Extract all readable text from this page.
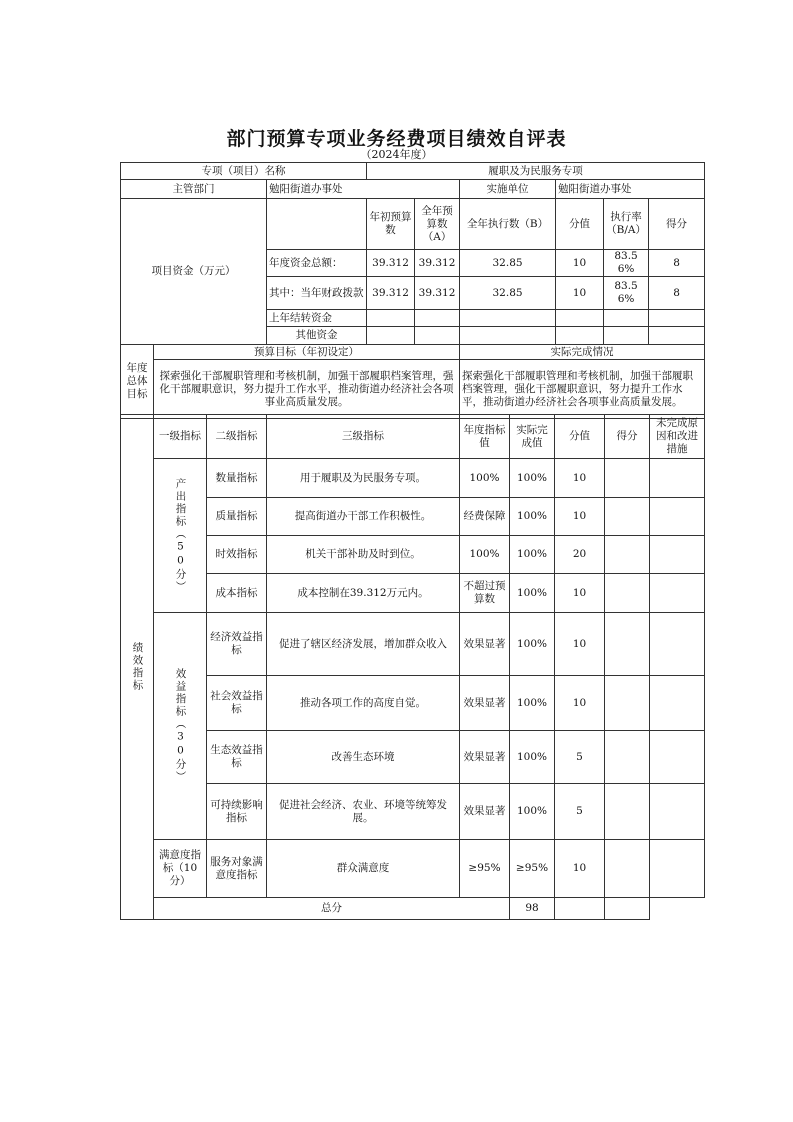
部门预算专项业务经费项目绩效自评表
（2024年度）
专项（项目）名称			履职及为民服务专项					
主管部门		勉阳街道办事处			实施单位	勉阳街道办事处		
项目资金（万元）			年初预算数	全年预算数（A）	全年执行数（B）	分值	执行率（B/A）	得分
		年度资金总额：	39.312	39.312	32.85	10	83.56%	8
		其中：当年财政拨款	39.312	39.312	32.85	10	83.56%	8
		上年结转资金						
		其他资金						
年度总体目标	预算目标（年初设定）				实际完成情况			
	探索强化干部履职管理和考核机制，加强干部履职档案管理，强化干部履职意识，努力提升工作水平，推动街道办经济社会各项事业高质量发展。				探索强化干部履职管理和考核机制，加强干部履职档案管理，强化干部履职意识，努力提升工作水平，推动街道办经济社会各项事业高质量发展。			
绩效指标	一级指标	二级指标	三级指标	年度指标值	实际完成值	分值	得分	未完成原因和改进措施

	产出指标（50分）	数量指标	用于履职及为民服务专项。	100%	100%	10		
		质量指标	提高街道办干部工作积极性。	经费保障	100%	10		
		时效指标	机关干部补助及时到位。	100%	100%	20		
		成本指标	成本控制在39.312万元内。	不超过预算数	100%	10		

	效益指标（30分）	经济效益指标	促进了辖区经济发展，增加群众收入	效果显著	100%	10		
		社会效益指标	推动各项工作的高度自觉。	效果显著	100%	10		
		生态效益指标	改善生态环境	效果显著	100%	5		
		可持续影响指标	促进社会经济、农业、环境等统筹发展。	效果显著	100%	5		
	满意度指标（10分）	服务对象满意度指标	群众满意度	≥95%	≥95%	10		
	总分				98			
